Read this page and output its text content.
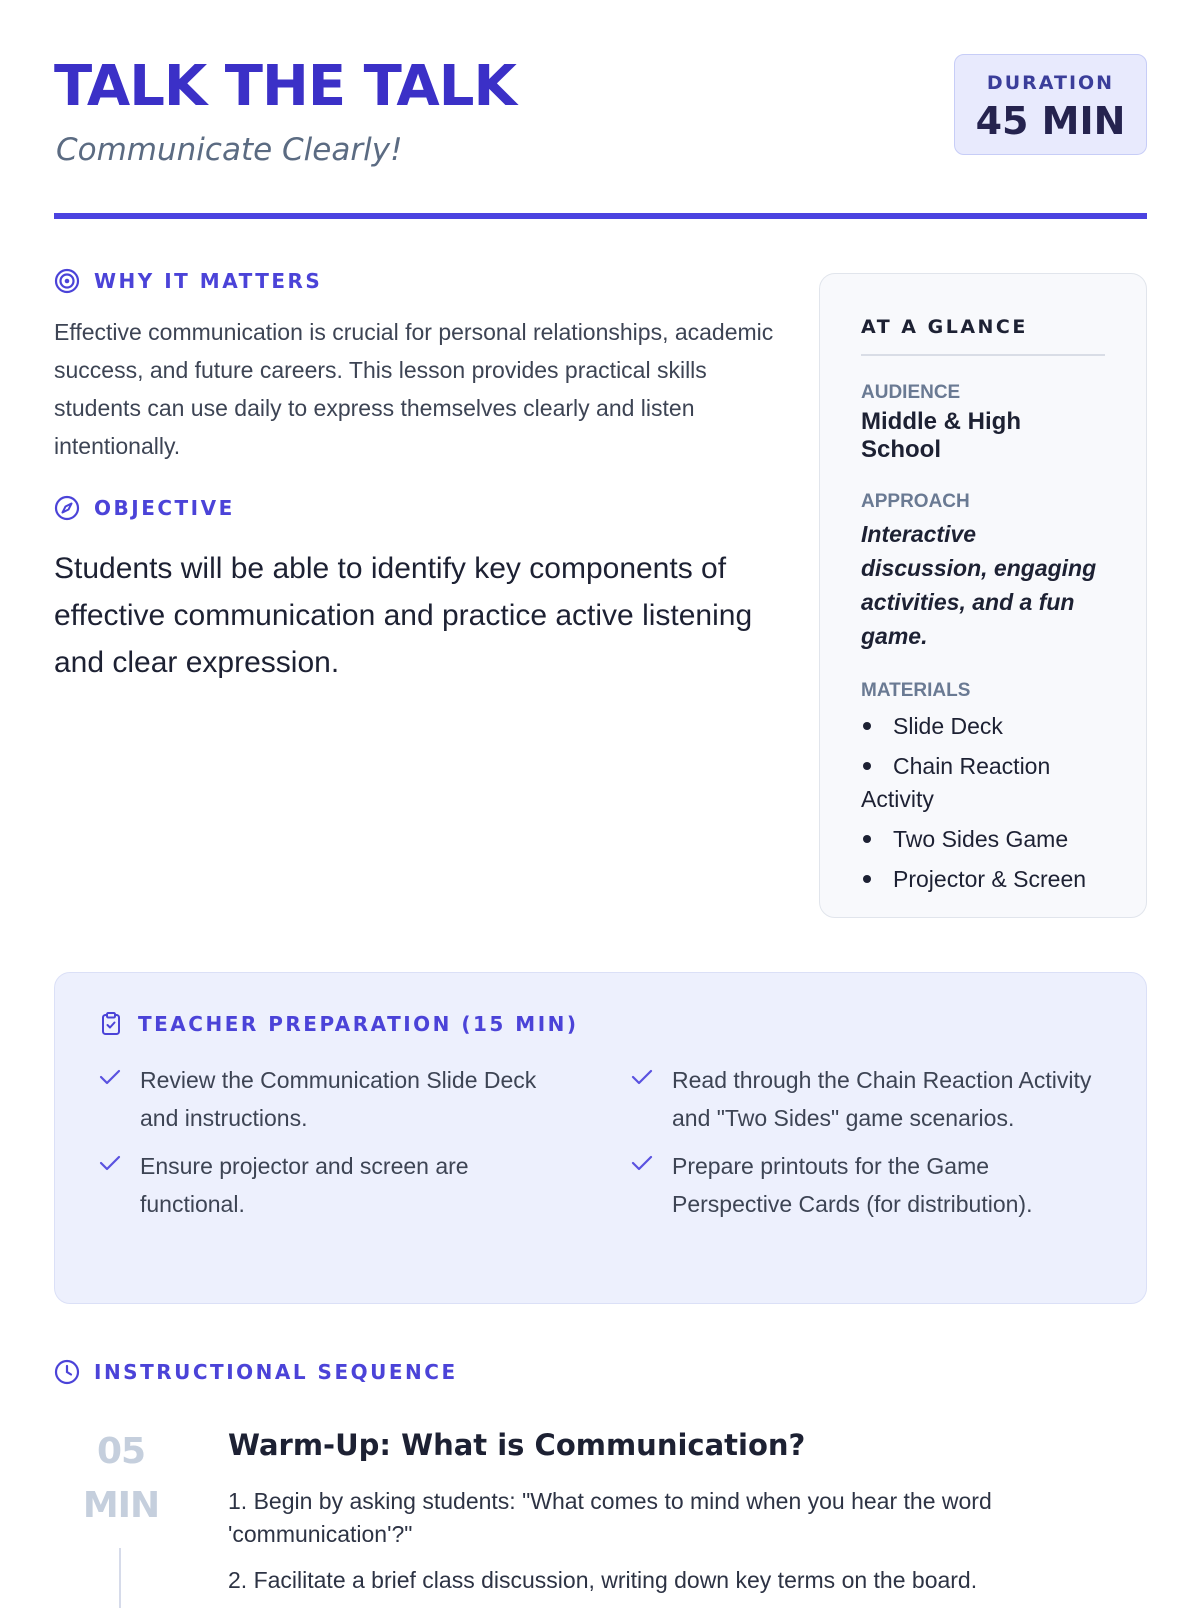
TALK THE TALK
Communicate Clearly!
DURATION
45 MIN
WHY IT MATTERS

Effective communication is crucial for personal relationships, academic success, and future careers. This lesson provides practical skills students can use daily to express themselves clearly and listen intentionally.

OBJECTIVE

Students will be able to identify key components of effective communication and practice active listening and clear expression.

AT A GLANCE
AUDIENCE
Middle & High School
APPROACH
Interactive discussion, engaging activities, and a fun game.
MATERIALS
Slide Deck
Chain Reaction Activity
Two Sides Game
Projector & Screen
TEACHER PREPARATION (15 MIN)
Review the Communication Slide Deck and instructions.
Read through the Chain Reaction Activity and "Two Sides" game scenarios.
Ensure projector and screen are functional.
Prepare printouts for the Game Perspective Cards (for distribution).
INSTRUCTIONAL SEQUENCE
05
MIN
Warm-Up: What is Communication?
1. Begin by asking students: "What comes to mind when you hear the word 'communication'?"
2. Facilitate a brief class discussion, writing down key terms on the board.
